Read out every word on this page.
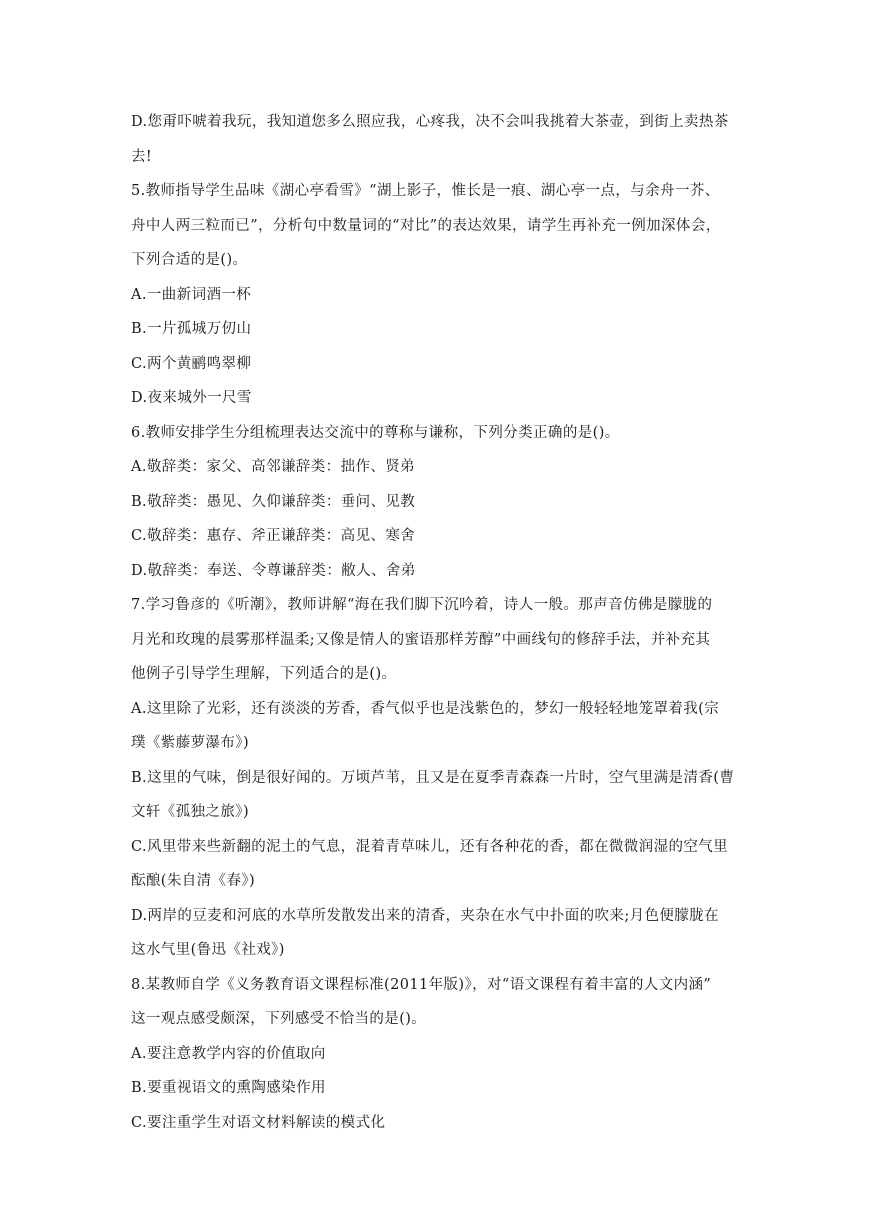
D.您甭吓唬着我玩，我知道您多么照应我，心疼我，决不会叫我挑着大茶壶，到街上卖热茶
去!
5.教师指导学生品味《湖心亭看雪》“湖上影子，惟长是一痕、湖心亭一点，与余舟一芥、
舟中人两三粒而已”，分析句中数量词的“对比”的表达效果，请学生再补充一例加深体会，
下列合适的是()。
A.一曲新词酒一杯
B.一片孤城万仞山
C.两个黄鹂鸣翠柳
D.夜来城外一尺雪
6.教师安排学生分组梳理表达交流中的尊称与谦称，下列分类正确的是()。
A.敬辞类：家父、高邻谦辞类：拙作、贤弟
B.敬辞类：愚见、久仰谦辞类：垂问、见教
C.敬辞类：惠存、斧正谦辞类：高见、寒舍
D.敬辞类：奉送、令尊谦辞类：敝人、舍弟
7.学习鲁彦的《听潮》，教师讲解“海在我们脚下沉吟着，诗人一般。那声音仿佛是朦胧的
月光和玫瑰的晨雾那样温柔;又像是情人的蜜语那样芳醇”中画线句的修辞手法，并补充其
他例子引导学生理解，下列适合的是()。
A.这里除了光彩，还有淡淡的芳香，香气似乎也是浅紫色的，梦幻一般轻轻地笼罩着我(宗
璞《紫藤萝瀑布》)
B.这里的气味，倒是很好闻的。万顷芦苇，且又是在夏季青森森一片时，空气里满是清香(曹
文轩《孤独之旅》)
C.风里带来些新翻的泥土的气息，混着青草味儿，还有各种花的香，都在微微润湿的空气里
酝酿(朱自清《春》)
D.两岸的豆麦和河底的水草所发散发出来的清香，夹杂在水气中扑面的吹来;月色便朦胧在
这水气里(鲁迅《社戏》)
8.某教师自学《义务教育语文课程标准(2011年版)》，对“语文课程有着丰富的人文内涵”
这一观点感受颇深，下列感受不恰当的是()。
A.要注意教学内容的价值取向
B.要重视语文的熏陶感染作用
C.要注重学生对语文材料解读的模式化
